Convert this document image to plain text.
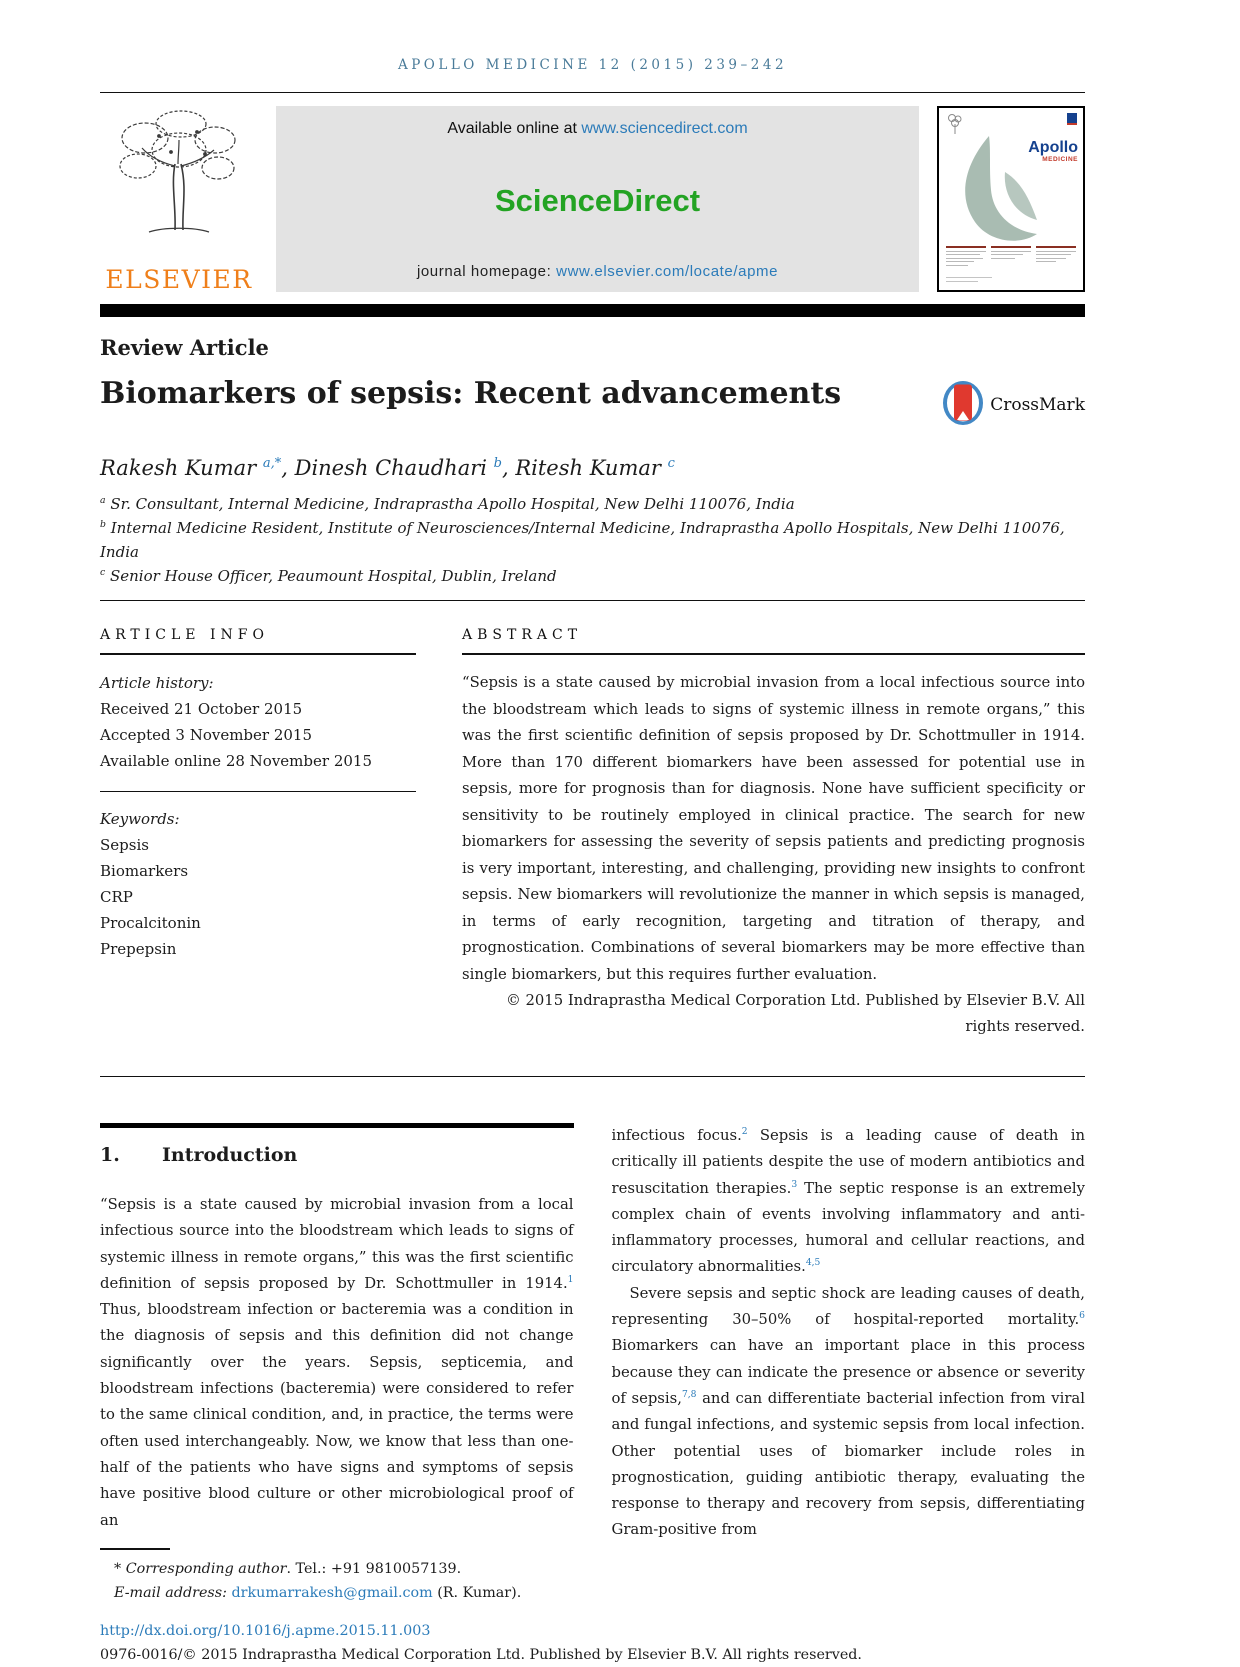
APOLLO MEDICINE 12 (2015) 239–242
ELSEVIER
Available online at www.sciencedirect.com
ScienceDirect
journal homepage: www.elsevier.com/locate/apme
Apollo
MEDICINE
Review Article
Biomarkers of sepsis: Recent advancements	CrossMark
Rakesh Kumar $^{a,*}$, Dinesh Chaudhari $^b$, Ritesh Kumar $^c$
$^a$ Sr. Consultant, Internal Medicine, Indraprastha Apollo Hospital, New Delhi 110076, India
$^b$ Internal Medicine Resident, Institute of Neurosciences/Internal Medicine, Indraprastha Apollo Hospitals, New Delhi 110076, India
$^c$ Senior House Officer, Peaumount Hospital, Dublin, Ireland
ARTICLE INFO
Article history:
Received 21 October 2015
Accepted 3 November 2015
Available online 28 November 2015
Keywords:
Sepsis
Biomarkers
CRP
Procalcitonin
Prepepsin
ABSTRACT
“Sepsis is a state caused by microbial invasion from a local infectious source into the bloodstream which leads to signs of systemic illness in remote organs,” this was the first scientific definition of sepsis proposed by Dr. Schottmuller in 1914. More than 170 different biomarkers have been assessed for potential use in sepsis, more for prognosis than for diagnosis. None have sufficient specificity or sensitivity to be routinely employed in clinical practice. The search for new biomarkers for assessing the severity of sepsis patients and predicting prognosis is very important, interesting, and challenging, providing new insights to confront sepsis. New biomarkers will revolutionize the manner in which sepsis is managed, in terms of early recognition, targeting and titration of therapy, and prognostication. Combinations of several biomarkers may be more effective than single biomarkers, but this requires further evaluation.
© 2015 Indraprastha Medical Corporation Ltd. Published by Elsevier B.V. All rights reserved.
1.	Introduction
“Sepsis is a state caused by microbial invasion from a local infectious source into the bloodstream which leads to signs of systemic illness in remote organs,” this was the first scientific definition of sepsis proposed by Dr. Schottmuller in 1914.$^1$ Thus, bloodstream infection or bacteremia was a condition in the diagnosis of sepsis and this definition did not change significantly over the years. Sepsis, septicemia, and bloodstream infections (bacteremia) were considered to refer to the same clinical condition, and, in practice, the terms were often used interchangeably. Now, we know that less than one-half of the patients who have signs and symptoms of sepsis have positive blood culture or other microbiological proof of an
* Corresponding author. Tel.: +91 9810057139.
E-mail address: drkumarrakesh@gmail.com (R. Kumar).
infectious focus.$^2$ Sepsis is a leading cause of death in critically ill patients despite the use of modern antibiotics and resuscitation therapies.$^3$ The septic response is an extremely complex chain of events involving inflammatory and anti-inflammatory processes, humoral and cellular reactions, and circulatory abnormalities.$^{4,5}$
Severe sepsis and septic shock are leading causes of death, representing 30–50% of hospital-reported mortality.$^6$ Biomarkers can have an important place in this process because they can indicate the presence or absence or severity of sepsis,$^{7,8}$ and can differentiate bacterial infection from viral and fungal infections, and systemic sepsis from local infection. Other potential uses of biomarker include roles in prognostication, guiding antibiotic therapy, evaluating the response to therapy and recovery from sepsis, differentiating Gram-positive from
http://dx.doi.org/10.1016/j.apme.2015.11.003
0976-0016/© 2015 Indraprastha Medical Corporation Ltd. Published by Elsevier B.V. All rights reserved.
